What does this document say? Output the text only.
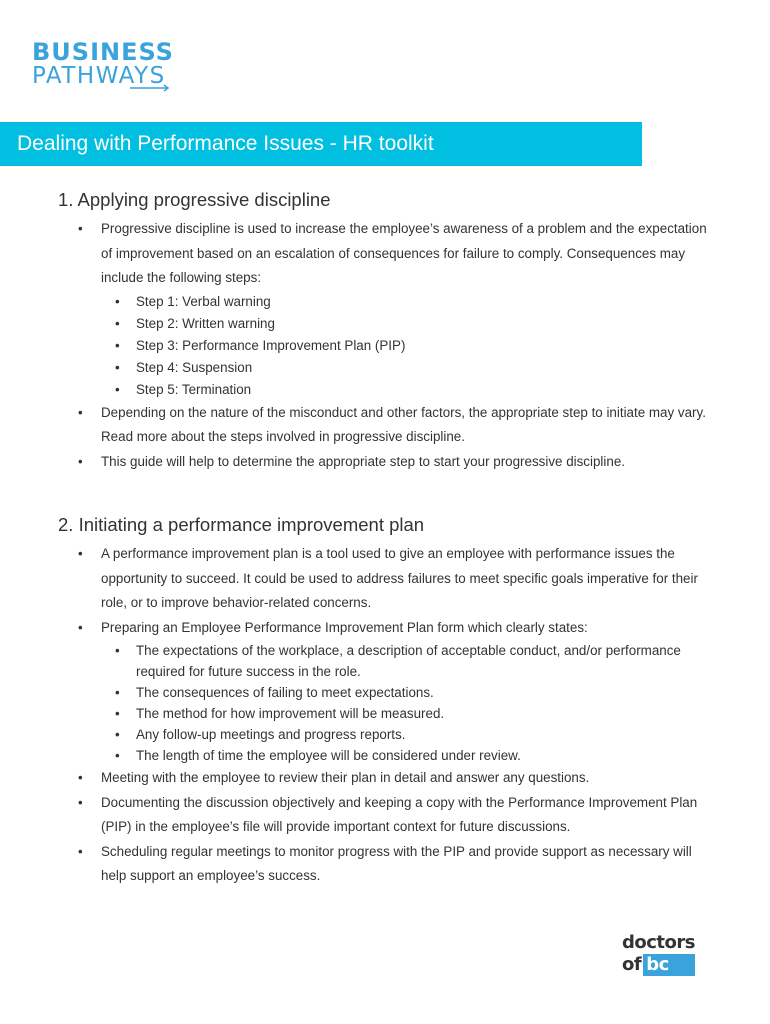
BUSINESS
PATHWAYS
Dealing with Performance Issues - HR toolkit
1. Applying progressive discipline
• Progressive discipline is used to increase the employee’s awareness of a problem and the expectation of improvement based on an escalation of consequences for failure to comply. Consequences may include the following steps:
• Step 1: Verbal warning
• Step 2: Written warning
• Step 3: Performance Improvement Plan (PIP)
• Step 4: Suspension
• Step 5: Termination
• Depending on the nature of the misconduct and other factors, the appropriate step to initiate may vary. Read more about the steps involved in progressive discipline.
• This guide will help to determine the appropriate step to start your progressive discipline.
2. Initiating a performance improvement plan
• A performance improvement plan is a tool used to give an employee with performance issues the opportunity to succeed. It could be used to address failures to meet specific goals imperative for their role, or to improve behavior-related concerns.
• Preparing an Employee Performance Improvement Plan form which clearly states:
• The expectations of the workplace, a description of acceptable conduct, and/or performance required for future success in the role.
• The consequences of failing to meet expectations.
• The method for how improvement will be measured.
• Any follow-up meetings and progress reports.
• The length of time the employee will be considered under review.
• Meeting with the employee to review their plan in detail and answer any questions.
• Documenting the discussion objectively and keeping a copy with the Performance Improvement Plan (PIP) in the employee’s file will provide important context for future discussions.
• Scheduling regular meetings to monitor progress with the PIP and provide support as necessary will help support an employee’s success.
doctors
of bc
